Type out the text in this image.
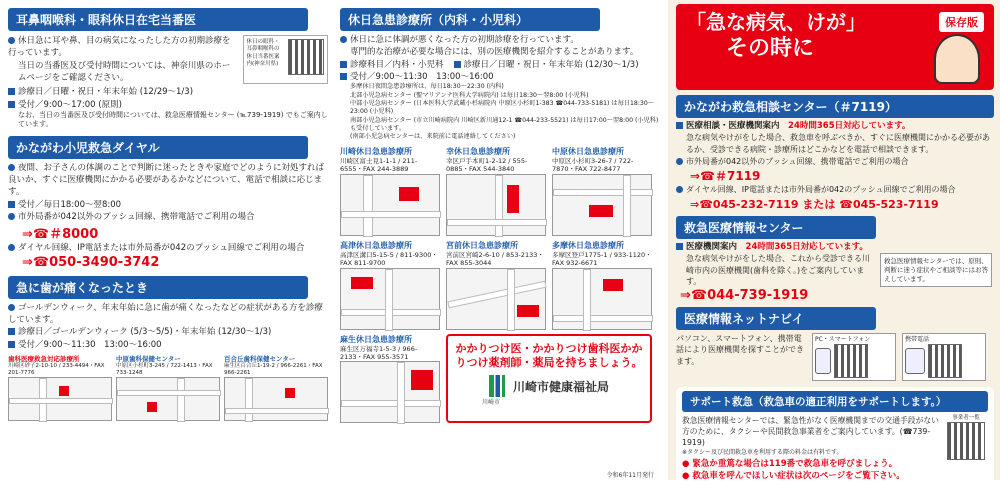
耳鼻咽喉科・眼科休日在宅当番医
休日急に耳や鼻、目の病気になったした方の初期診療を行っています。
当日の当番医及び受付時間については、神奈川県のホームページをご確認ください。
休日の眼科・耳鼻咽喉科の休日当番医案内(神奈川県)
診療日／日曜・祝日・年末年始 (12/29～1/3)
受付／9:00～17:00 (原則)
なお、当日の当番医及び受付時間については、救急医療情報センター (℡739-1919) でもご案内しています。
かながわ小児救急ダイヤル
夜間、お子さんの体調のことで判断に迷ったときや家庭でどのように対処すれば良いか、すぐに医療機関にかかる必要があるかなどについて、電話で相談に応じます。
受付／毎日18:00～翌8:00
市外局番が042以外のプッシュ回線、携帯電話でご利用の場合
⇒☎＃8000
ダイヤル回線、IP電話または市外局番が042のプッシュ回線でご利用の場合
⇒☎050-3490-3742
急に歯が痛くなったとき
ゴールデンウィーク、年末年始に急に歯が痛くなったなどの症状がある方を診療しています。
診療日／ゴールデンウィーク (5/3～5/5)・年末年始 (12/30～1/3)
受付／9:00～11:30　13:00～16:00
歯科医療救急対応診療所
川崎区砂子2-10-10 / 233-4494・FAX 201-7776
中原歯科保健センター
中原区小杉町3-245 / 722-1413・FAX 733-1248
百合丘歯科保健センター
麻生区百合丘1-19-2 / 966-2261・FAX 966-2261
休日急患診療所（内科・小児科）
休日に急に体調が悪くなった方の初期診療を行っています。
専門的な治療が必要な場合には、別の医療機関を紹介することがあります。
診療科目／内科・小児科	診療日／日曜・祝日・年末年始 (12/30～1/3)
受付／9:00～11:30　13:00～16:00
多摩休日夜間急患診療所は、毎日18:30～22:30 (内科)
北部小児急病センター (聖マリアンナ医科大学病院内) は毎日18:30～翌8:00 (小児科)
中部小児急病センター (日本医科大学武蔵小杉病院内 中原区小杉町1-383 ☎044-733-5181) は毎日18:30～23:00 (小児科)
南部小児急病センター (市立川崎病院内 川崎区新川通12-1 ☎044-233-5521) は毎日17:00～翌8:00 (小児科) も受付しています。
(南部小児急病センターは、来院前に電話連絡してください)
川崎休日急患診療所
川崎区富士見1-1-1 / 211-6555・FAX 244-3889
幸休日急患診療所
幸区戸手本町1-2-12 / 555-0885・FAX 544-3840
中原休日急患診療所
中原区小杉町3-26-7 / 722-7870・FAX 722-8477
高津休日急患診療所
高津区溝口5-15-5 / 811-9300・FAX 811-9700
宮前休日急患診療所
宮前区宮崎2-6-10 / 853-2133・FAX 855-3044
多摩休日急患診療所
多摩区登戸1775-1 / 933-1120・FAX 932-6671
麻生休日急患診療所
麻生区万福寺1-5-3 / 966-2133・FAX 955-3571
かかりつけ医・かかりつけ歯科医かかりつけ薬剤師・薬局を持ちましょう。
川崎市健康福祉局
川崎市
令和6年11月発行
「急な病気、けが」
その時に
保存版
かながわ救急相談センター（＃7119）
医療相談・医療機関案内　 24時間365日対応しています。
急な病気やけがをした場合、救急車を呼ぶべきか、すぐに医療機関にかかる必要があるか、受診できる病院・診療所はどこかなどを電話で相談できます。
市外局番が042以外のプッシュ回線、携帯電話でご利用の場合
⇒☎＃7119
ダイヤル回線、IP電話または市外局番が042のプッシュ回線でご利用の場合
⇒☎045-232-7119 または ☎045-523-7119
救急医療情報センター
医療機関案内　 24時間365日対応しています。
急な病気やけがをした場合、これから受診できる川崎市内の医療機関(歯科を除く。)をご案内しています。
⇒☎044-739-1919
救急医療情報センターでは、原則、判断に迷う症状やご相談等にはお答えしています。
医療情報ネットナビイ
パソコン、スマートフォン、携帯電話により医療機関を探すことができます。
PC・スマートフォン	携帯電話
サポート救急（救急車の適正利用をサポートします。）
救急医療情報センターでは、緊急性がなく医療機関までの交通手段がない方のために、タクシーや民間救急事業者をご案内しています。(☎739-1919)
※タクシー及び民間救急車を利用する際の料金は有料です。
● 緊急か重篤な場合は119番で救急車を呼びましょう。
● 救急車を呼んでほしい症状は次のページをご覧下さい。
事業者一覧
